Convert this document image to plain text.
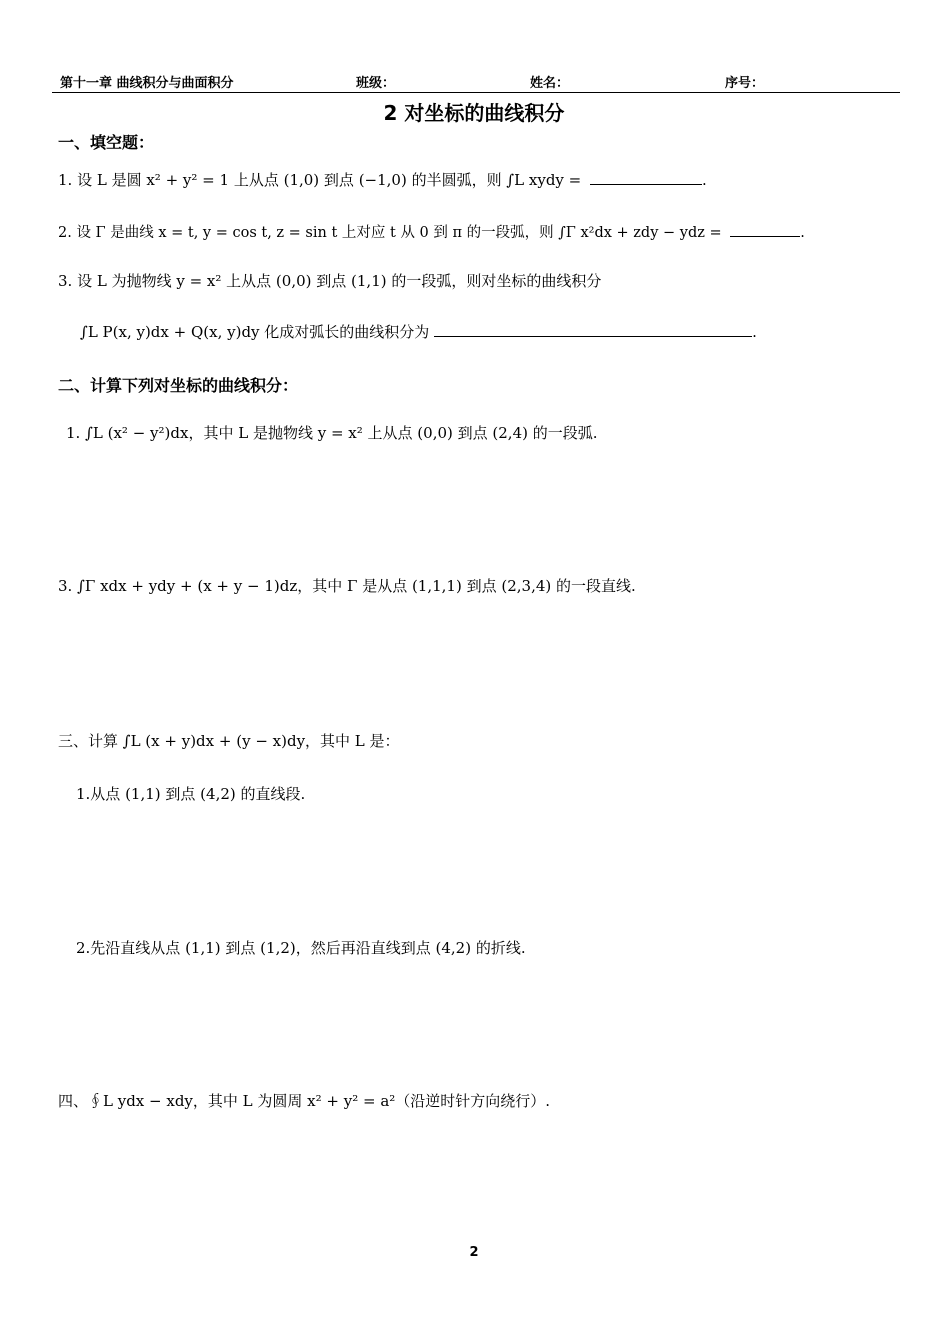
第十一章 曲线积分与曲面积分	班级：	姓名：	序号：
2 对坐标的曲线积分
一、填空题：
1. 设 L 是圆 x² + y² = 1 上从点 (1,0) 到点 (−1,0) 的半圆弧，则 ∫L xydy =	.
2. 设 Γ 是曲线 x = t, y = cos t, z = sin t 上对应 t 从 0 到 π 的一段弧，则 ∫Γ x²dx + zdy − ydz =	.
3. 设 L 为抛物线 y = x² 上从点 (0,0) 到点 (1,1) 的一段弧，则对坐标的曲线积分
∫L P(x, y)dx + Q(x, y)dy 化成对弧长的曲线积分为	.
二、计算下列对坐标的曲线积分：
1. ∫L (x² − y²)dx，其中 L 是抛物线 y = x² 上从点 (0,0) 到点 (2,4) 的一段弧.
3. ∫Γ xdx + ydy + (x + y − 1)dz，其中 Γ 是从点 (1,1,1) 到点 (2,3,4) 的一段直线.
三、计算 ∫L (x + y)dx + (y − x)dy，其中 L 是：
1.从点 (1,1) 到点 (4,2) 的直线段.
2.先沿直线从点 (1,1) 到点 (1,2)，然后再沿直线到点 (4,2) 的折线.
四、∮L ydx − xdy，其中 L 为圆周 x² + y² = a²（沿逆时针方向绕行）.
2
